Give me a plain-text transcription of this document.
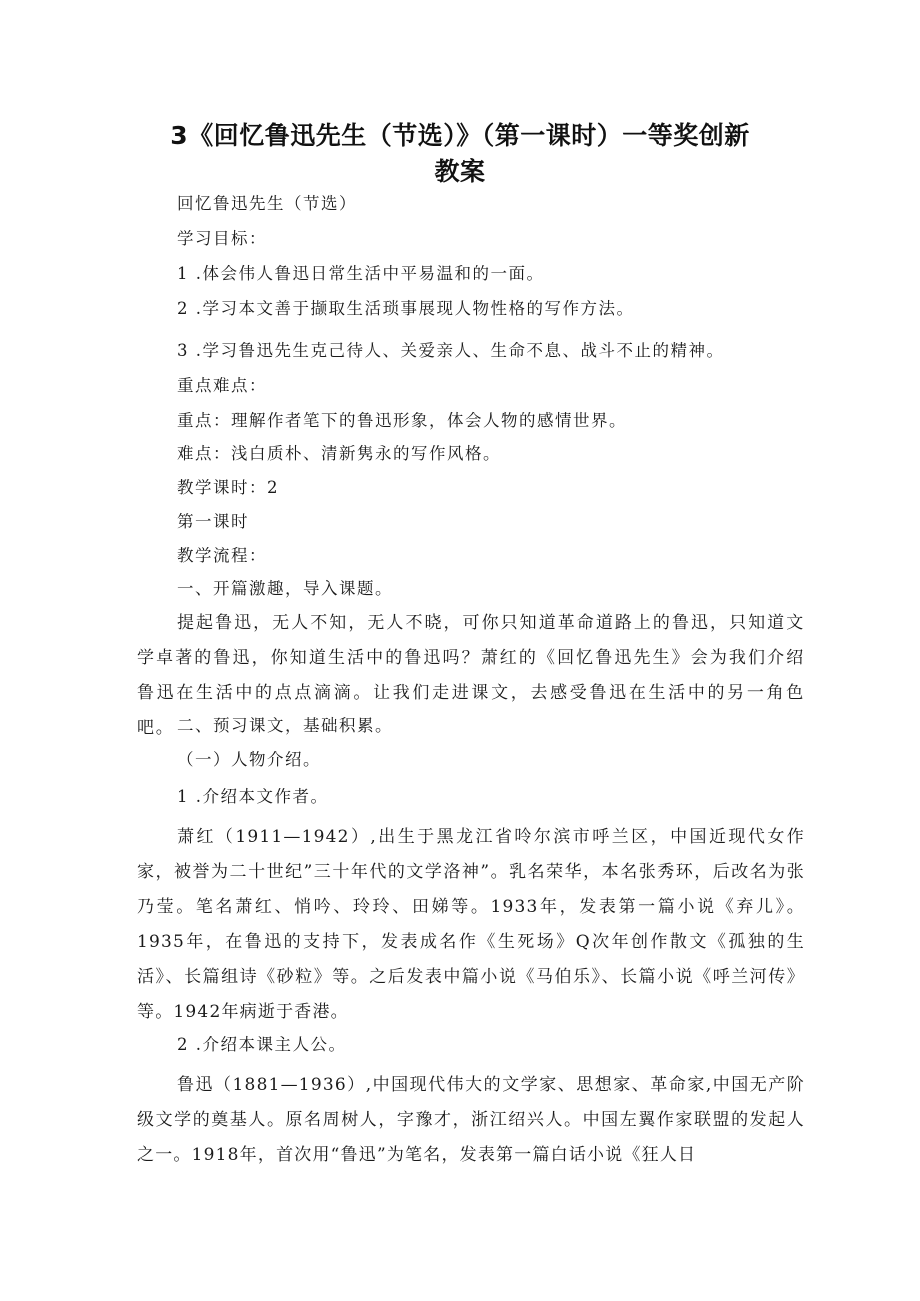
3《回忆鲁迅先生（节选）》（第一课时）一等奖创新
教案
回忆鲁迅先生（节选）
学习目标：
1 .体会伟人鲁迅日常生活中平易温和的一面。
2 .学习本文善于撷取生活琐事展现人物性格的写作方法。
3 .学习鲁迅先生克己待人、关爱亲人、生命不息、战斗不止的精神。
重点难点：
重点：理解作者笔下的鲁迅形象，体会人物的感情世界。
难点：浅白质朴、清新隽永的写作风格。
教学课时：2
第一课时
教学流程：
一、开篇激趣，导入课题。
提起鲁迅，无人不知，无人不晓，可你只知道革命道路上的鲁迅，只知道文学卓著的鲁迅，你知道生活中的鲁迅吗？萧红的《回忆鲁迅先生》会为我们介绍鲁迅在生活中的点点滴滴。让我们走进课文，去感受鲁迅在生活中的另一角色吧。 二、预习课文，基础积累。
（一）人物介绍。
1 .介绍本文作者。
萧红（1911—1942）,出生于黑龙江省呤尔滨市呼兰区，中国近现代女作家，被誉为二十世纪”三十年代的文学洛神”。乳名荣华，本名张秀环，后改名为张乃莹。笔名萧红、悄吟、玲玲、田娣等。1933年，发表第一篇小说《弃儿》。1935年，在鲁迅的支持下，发表成名作《生死场》Q次年创作散文《孤独的生活》、长篇组诗《砂粒》等。之后发表中篇小说《马伯乐》、长篇小说《呼兰河传》等。1942年病逝于香港。
2 .介绍本课主人公。
鲁迅（1881—1936）,中国现代伟大的文学家、思想家、革命家,中国无产阶级文学的奠基人。原名周树人，字豫才，浙江绍兴人。中国左翼作家联盟的发起人之一。1918年，首次用“鲁迅”为笔名，发表第一篇白话小说《狂人日
